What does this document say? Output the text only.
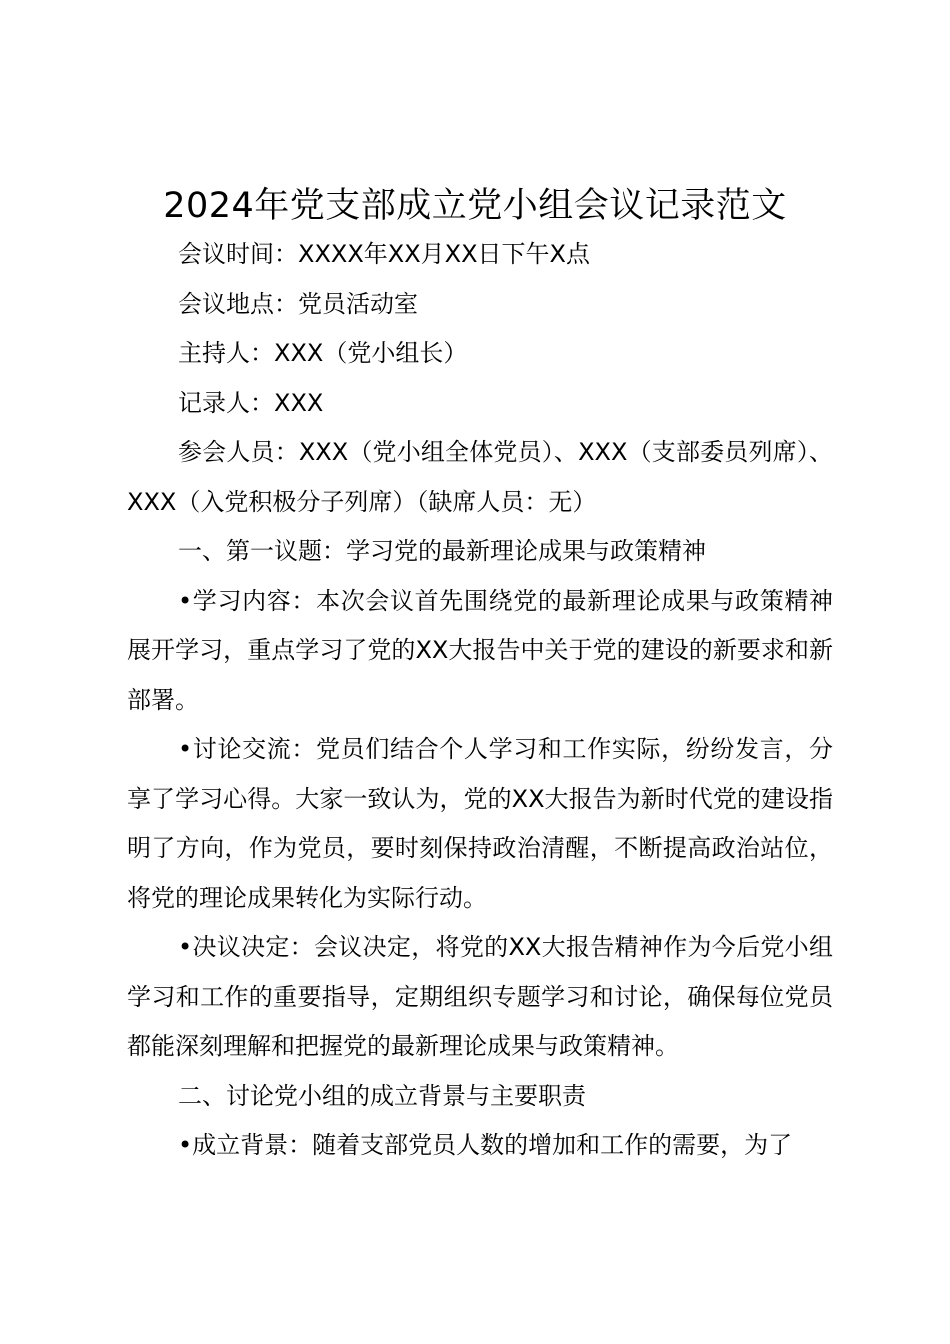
2024年党支部成立党小组会议记录范文

会议时间：XXXX年XX月XX日下午X点

会议地点：党员活动室

主持人：XXX（党小组长）

记录人：XXX

参会人员：XXX（党小组全体党员）、XXX（支部委员列席）、XXX（入党积极分子列席）（缺席人员：无）

一、第一议题：学习党的最新理论成果与政策精神

•学习内容：本次会议首先围绕党的最新理论成果与政策精神展开学习，重点学习了党的XX大报告中关于党的建设的新要求和新部署。

•讨论交流：党员们结合个人学习和工作实际，纷纷发言，分享了学习心得。大家一致认为，党的XX大报告为新时代党的建设指明了方向，作为党员，要时刻保持政治清醒，不断提高政治站位，将党的理论成果转化为实际行动。

•决议决定：会议决定，将党的XX大报告精神作为今后党小组学习和工作的重要指导，定期组织专题学习和讨论，确保每位党员都能深刻理解和把握党的最新理论成果与政策精神。

二、讨论党小组的成立背景与主要职责

•成立背景：随着支部党员人数的增加和工作的需要，为了
